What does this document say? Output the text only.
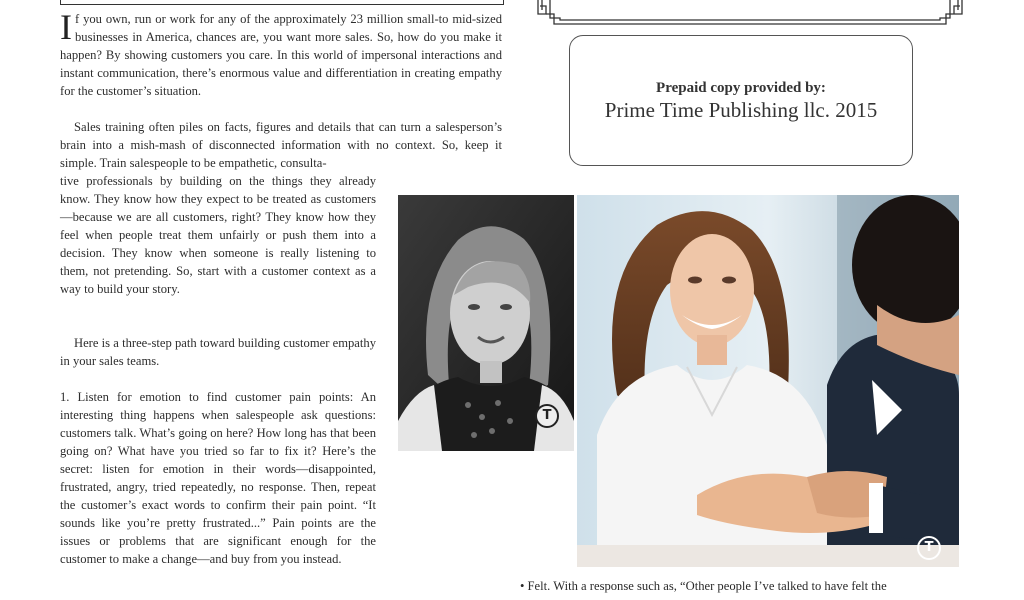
If you own, run or work for any of the approximately 23 million small-to mid-sized businesses in America, chances are, you want more sales. So, how do you make it happen? By showing customers you care. In this world of impersonal interactions and instant communication, there’s enormous value and differentiation in creating empathy for the customer’s situation.
Sales training often piles on facts, figures and details that can turn a salesperson’s brain into a mish-mash of disconnected information with no context. So, keep it simple. Train salespeople to be empathetic, consulta-
tive professionals by building on the things they already know. They know how they expect to be treated as customers—because we are all customers, right? They know how they feel when people treat them unfairly or push them into a decision. They know when someone is really listening to them, not pretending. So, start with a customer context as a way to build your story.
Here is a three-step path toward building customer empathy in your sales teams.
1. Listen for emotion to find customer pain points: An interesting thing happens when salespeople ask questions: customers talk. What’s going on here? How long has that been going on? What have you tried so far to fix it? Here’s the secret: listen for emotion in their words—disappointed, frustrated, angry, tried repeatedly, no response. Then, repeat the customer’s exact words to confirm their pain point. “It sounds like you’re pretty frustrated...” Pain points are the issues or problems that are significant enough for the customer to make a change—and buy from you instead.
Prepaid copy provided by:
Prime Time Publishing llc. 2015
T
T
• Felt. With a response such as, “Other people I’ve talked to have felt the
